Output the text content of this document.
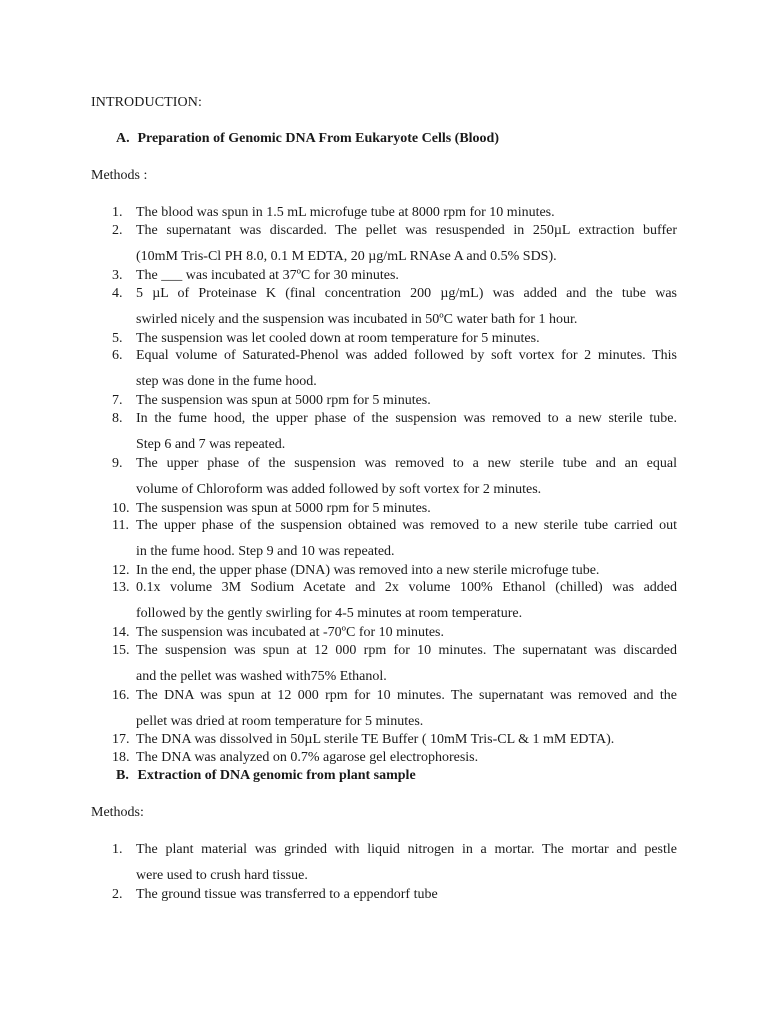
INTRODUCTION:
A. Preparation of Genomic DNA From Eukaryote Cells (Blood)
Methods :
1. The blood was spun in 1.5 mL microfuge tube at 8000 rpm for 10 minutes.
2. The supernatant was discarded. The pellet was resuspended in 250µL extraction buffer
(10mM Tris-Cl PH 8.0, 0.1 M EDTA, 20 µg/mL RNAse A and 0.5% SDS).
3. The ___ was incubated at 37ºC for 30 minutes.
4. 5 µL of Proteinase K (final concentration 200 µg/mL) was added and the tube was
swirled nicely and the suspension was incubated in 50ºC water bath for 1 hour.
5. The suspension was let cooled down at room temperature for 5 minutes.
6. Equal volume of Saturated-Phenol was added followed by soft vortex for 2 minutes. This
step was done in the fume hood.
7. The suspension was spun at 5000 rpm for 5 minutes.
8. In the fume hood, the upper phase of the suspension was removed to a new sterile tube.
Step 6 and 7 was repeated.
9. The upper phase of the suspension was removed to a new sterile tube and an equal
volume of Chloroform was added followed by soft vortex for 2 minutes.
10. The suspension was spun at 5000 rpm for 5 minutes.
11. The upper phase of the suspension obtained was removed to a new sterile tube carried out
in the fume hood. Step 9 and 10 was repeated.
12. In the end, the upper phase (DNA) was removed into a new sterile microfuge tube.
13. 0.1x volume 3M Sodium Acetate and 2x volume 100% Ethanol (chilled) was added
followed by the gently swirling for 4-5 minutes at room temperature.
14. The suspension was incubated at -70ºC for 10 minutes.
15. The suspension was spun at 12 000 rpm for 10 minutes. The supernatant was discarded
and the pellet was washed with75% Ethanol.
16. The DNA was spun at 12 000 rpm for 10 minutes. The supernatant was removed and the
pellet was dried at room temperature for 5 minutes.
17. The DNA was dissolved in 50µL sterile TE Buffer ( 10mM Tris-CL & 1 mM EDTA).
18. The DNA was analyzed on 0.7% agarose gel electrophoresis.
B. Extraction of DNA genomic from plant sample
Methods:
1. The plant material was grinded with liquid nitrogen in a mortar. The mortar and pestle
were used to crush hard tissue.
2. The ground tissue was transferred to a eppendorf tube
